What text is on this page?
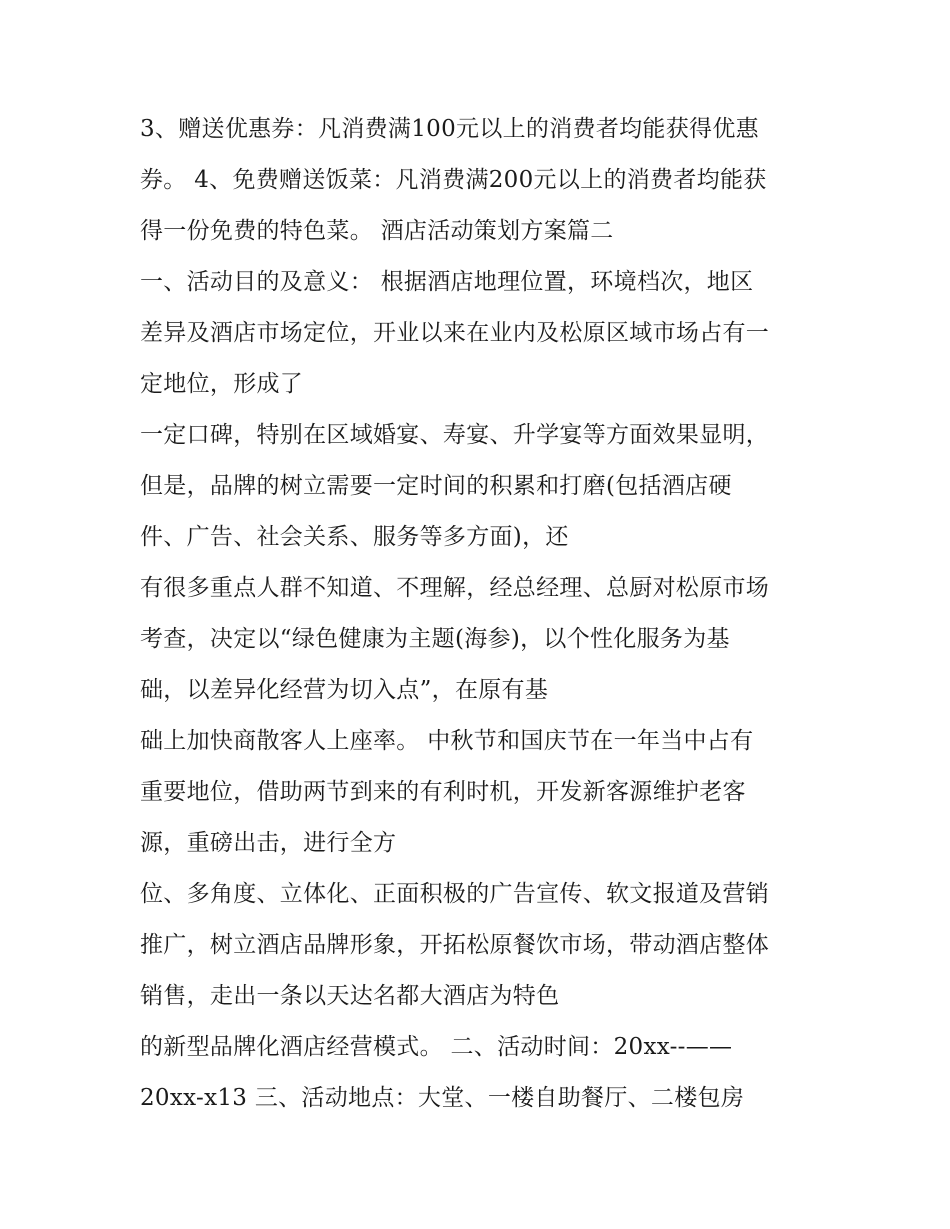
3、赠送优惠券：凡消费满100元以上的消费者均能获得优惠
券。 4、免费赠送饭菜：凡消费满200元以上的消费者均能获
得一份免费的特色菜。 酒店活动策划方案篇二
一、活动目的及意义： 根据酒店地理位置，环境档次，地区
差异及酒店市场定位，开业以来在业内及松原区域市场占有一
定地位，形成了
一定口碑，特别在区域婚宴、寿宴、升学宴等方面效果显明，
但是，品牌的树立需要一定时间的积累和打磨(包括酒店硬
件、广告、社会关系、服务等多方面)，还
有很多重点人群不知道、不理解，经总经理、总厨对松原市场
考查，决定以“绿色健康为主题(海参)，以个性化服务为基
础，以差异化经营为切入点”，在原有基
础上加快商散客人上座率。 中秋节和国庆节在一年当中占有
重要地位，借助两节到来的有利时机，开发新客源维护老客
源，重磅出击，进行全方
位、多角度、立体化、正面积极的广告宣传、软文报道及营销
推广，树立酒店品牌形象，开拓松原餐饮市场，带动酒店整体
销售，走出一条以天达名都大酒店为特色
的新型品牌化酒店经营模式。 二、活动时间：20xx--——
20xx-x13 三、活动地点：大堂、一楼自助餐厅、二楼包房
